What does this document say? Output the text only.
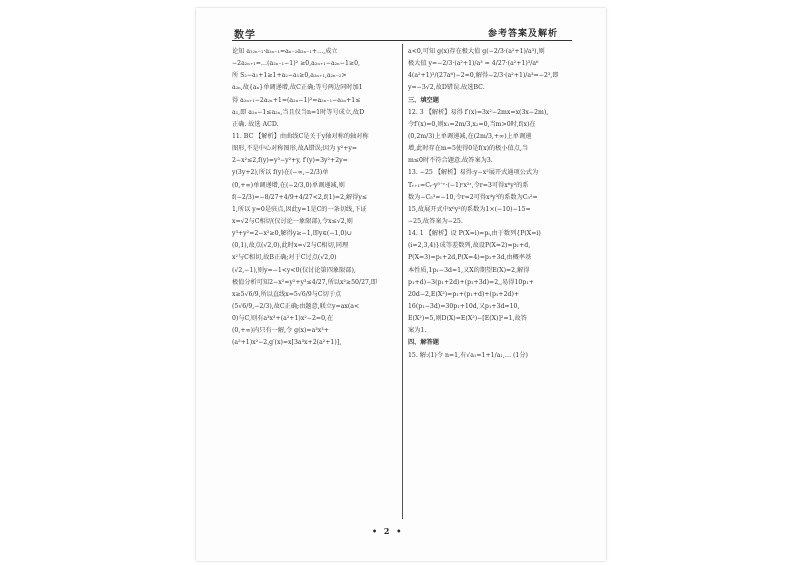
数学	参考答案及解析
论知 a₁₂ₙ₋₁·a₂ₙ₋₁=aₙ₋₂a₂ₙ₋₁+…,成立
−2a₂ₙ₊₁=…(a₂ₙ₋₁−1)² ≥0,a₂ₙ₊₁−a₂ₙ−1≥0,
所 S₂−a₁+1≥1+a₂−a₁≥0,a₂ₙ₊₁,a₂ₙ₋₂>
a₂ₙ,故{aₙ}单调递增,故C正确;等号两边同时加1
得 a₂ₙ₊₁−2a₂ₙ+1=(a₂ₙ−1)²=a₂ₙ₋₁−a₂ₙ+1≤
a₁,即 a₂ₙ−1≤a₂ₙ,当且仅当n=1时等号成立,故D
正确. 故选 ACD.
11. BC 【解析】由曲线C是关于y轴对称的轴对称
图形,不是中心对称图形,故A错误;因为 y²+y=
2−x²≤2,f(y)=y³−y²+y, f′(y)=3y²+2y=
y(3y+2),所以 f(y)在(−∞,−2/3)单
(0,+∞)单调递增,在(−2/3,0)单调递减,则
f(−2/3)=−8/27+4/9+4/27<2,f(1)=2,解得y≤
1,所以 y=0是驻点,因此y=1是C的一条切线,下证
x=√2与C相切(仅讨论一象限部),令x≤√2,则
y³+y²=2−x²≥0,解得y≥−1,即y∈(−1,0)∪
(0,1),故点(√2,0),此时x=√2与C相切,同理
x²与C相切,故B正确;对于C过点(√2,0)
(√2,−1),则y=−1<y<0(仅讨论第四象限部),
极值分析可知2−x²=y²+y³≤4/27,所以x²≥50/27,即
x≥5√6/9,所以直线x=5√6/9与C切于点
(5√6/9,−2/3),故C正确;由题意,联立y=ax(a<
0)与C,则有a³x³+(a²+1)x²−2=0,在
(0,+∞)内只有一解,令 g(x)=a³x³+
(a²+1)x²−2,g′(x)=x[3a³x+2(a²+1)],
a<0,可知 g(x)存在极大值 g(−2/3·(a²+1)/a³),则
极大值 y=−2/3·(a²+1)/a³ = 4/27·(a²+1)³/a⁶
4(a²+1)³/(27a⁶)−2=0,解得−2/3·(a²+1)/a³=−2³,即
y=−3√2,故D错误.故选BC.
三、填空题
12. 3 【解析】易得 f′(x)=3x²−2mx=x(3x−2m),
令f′(x)=0,则x₁=2m/3,x₂=0,当m>0时,f(x)在
(0,2m/3)上单调递减,在(2m/3,+∞)上单调递
增,此时存在m=5使得0是f(x)的极小值点,当
m≤0时不符合题意.故答案为3.
13. −25 【解析】易得:y−x²展开式通项公式为
Tᵣ₊₁=Cᵣ·y⁵⁻ʳ·(−1)ʳx²ʳ,令r=3可得x⁶y²的系
数为−C₅³=−10,令r=2可得x⁴y³的系数为C₅²=
15,故展开式中x⁶y²的系数为1×(−10)−15=
−25,故答案为−25.
14. 1 【解析】设 P(X=i)=pᵢ,由于数列{P(X=i)
(i=2,3,4)}成等差数列,故设P(X=2)=p₁+d,
P(X=3)=p₁+2d,P(X=4)=p₁+3d,由概率基
本性质,1p₁−3d=1,又X的期望E(X)=2,解得
p₁+d)−3(p₁+2d)+(p₁+3d)=2,,易得10p₁+
20d−2,E(X²)=p₁+(p₁+d)+(p₁+2d)+
16(p₁−3d)=30p₁+10d,又p₁+3d=10,
E(X²)=5,则D(X)=E(X²)−[E(X)]²=1,故答
案为1.
四、解答题
15. 解:(1)令 n=1,有√a₁=1+1/a₁,… (1分)
• 2 •
